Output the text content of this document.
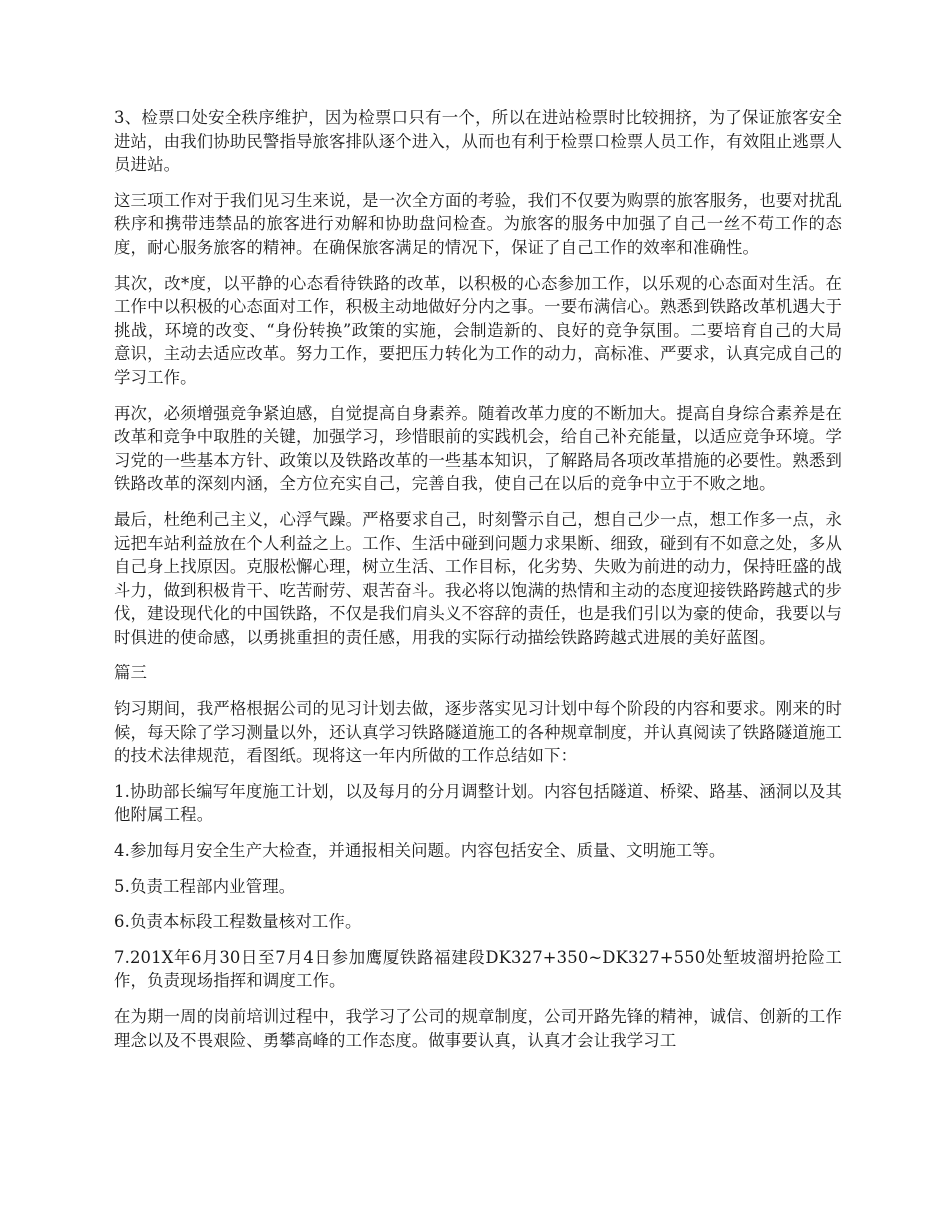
3、检票口处安全秩序维护，因为检票口只有一个，所以在进站检票时比较拥挤，为了保证旅客安全进站，由我们协助民警指导旅客排队逐个进入，从而也有利于检票口检票人员工作，有效阻止逃票人员进站。

这三项工作对于我们见习生来说，是一次全方面的考验，我们不仅要为购票的旅客服务，也要对扰乱秩序和携带违禁品的旅客进行劝解和协助盘问检查。为旅客的服务中加强了自己一丝不苟工作的态度，耐心服务旅客的精神。在确保旅客满足的情况下，保证了自己工作的效率和准确性。

其次，改*度，以平静的心态看待铁路的改革，以积极的心态参加工作，以乐观的心态面对生活。在工作中以积极的心态面对工作，积极主动地做好分内之事。一要布满信心。熟悉到铁路改革机遇大于挑战，环境的改变、“身份转换”政策的实施，会制造新的、良好的竞争氛围。二要培育自己的大局意识，主动去适应改革。努力工作，要把压力转化为工作的动力，高标准、严要求，认真完成自己的学习工作。

再次，必须增强竞争紧迫感，自觉提高自身素养。随着改革力度的不断加大。提高自身综合素养是在改革和竞争中取胜的关键，加强学习，珍惜眼前的实践机会，给自己补充能量，以适应竞争环境。学习党的一些基本方针、政策以及铁路改革的一些基本知识，了解路局各项改革措施的必要性。熟悉到铁路改革的深刻内涵，全方位充实自己，完善自我，使自己在以后的竞争中立于不败之地。

最后，杜绝利己主义，心浮气躁。严格要求自己，时刻警示自己，想自己少一点，想工作多一点，永远把车站利益放在个人利益之上。工作、生活中碰到问题力求果断、细致，碰到有不如意之处，多从自己身上找原因。克服松懈心理，树立生活、工作目标，化劣势、失败为前进的动力，保持旺盛的战斗力，做到积极肯干、吃苦耐劳、艰苦奋斗。我必将以饱满的热情和主动的态度迎接铁路跨越式的步伐，建设现代化的中国铁路，不仅是我们肩头义不容辞的责任，也是我们引以为豪的使命，我要以与时俱进的使命感，以勇挑重担的责任感，用我的实际行动描绘铁路跨越式进展的美好蓝图。

篇三

钧习期间，我严格根据公司的见习计划去做，逐步落实见习计划中每个阶段的内容和要求。刚来的时候，每天除了学习测量以外，还认真学习铁路隧道施工的各种规章制度，并认真阅读了铁路隧道施工的技术法律规范，看图纸。现将这一年内所做的工作总结如下：

1.协助部长编写年度施工计划，以及每月的分月调整计划。内容包括隧道、桥梁、路基、涵洞以及其他附属工程。

4.参加每月安全生产大检查，并通报相关问题。内容包括安全、质量、文明施工等。

5.负责工程部内业管理。

6.负责本标段工程数量核对工作。

7.201X年6月30日至7月4日参加鹰厦铁路福建段DK327+350~DK327+550处堑坡溜坍抢险工作，负责现场指挥和调度工作。

在为期一周的岗前培训过程中，我学习了公司的规章制度，公司开路先锋的精神，诚信、创新的工作理念以及不畏艰险、勇攀高峰的工作态度。做事要认真，认真才会让我学习工
